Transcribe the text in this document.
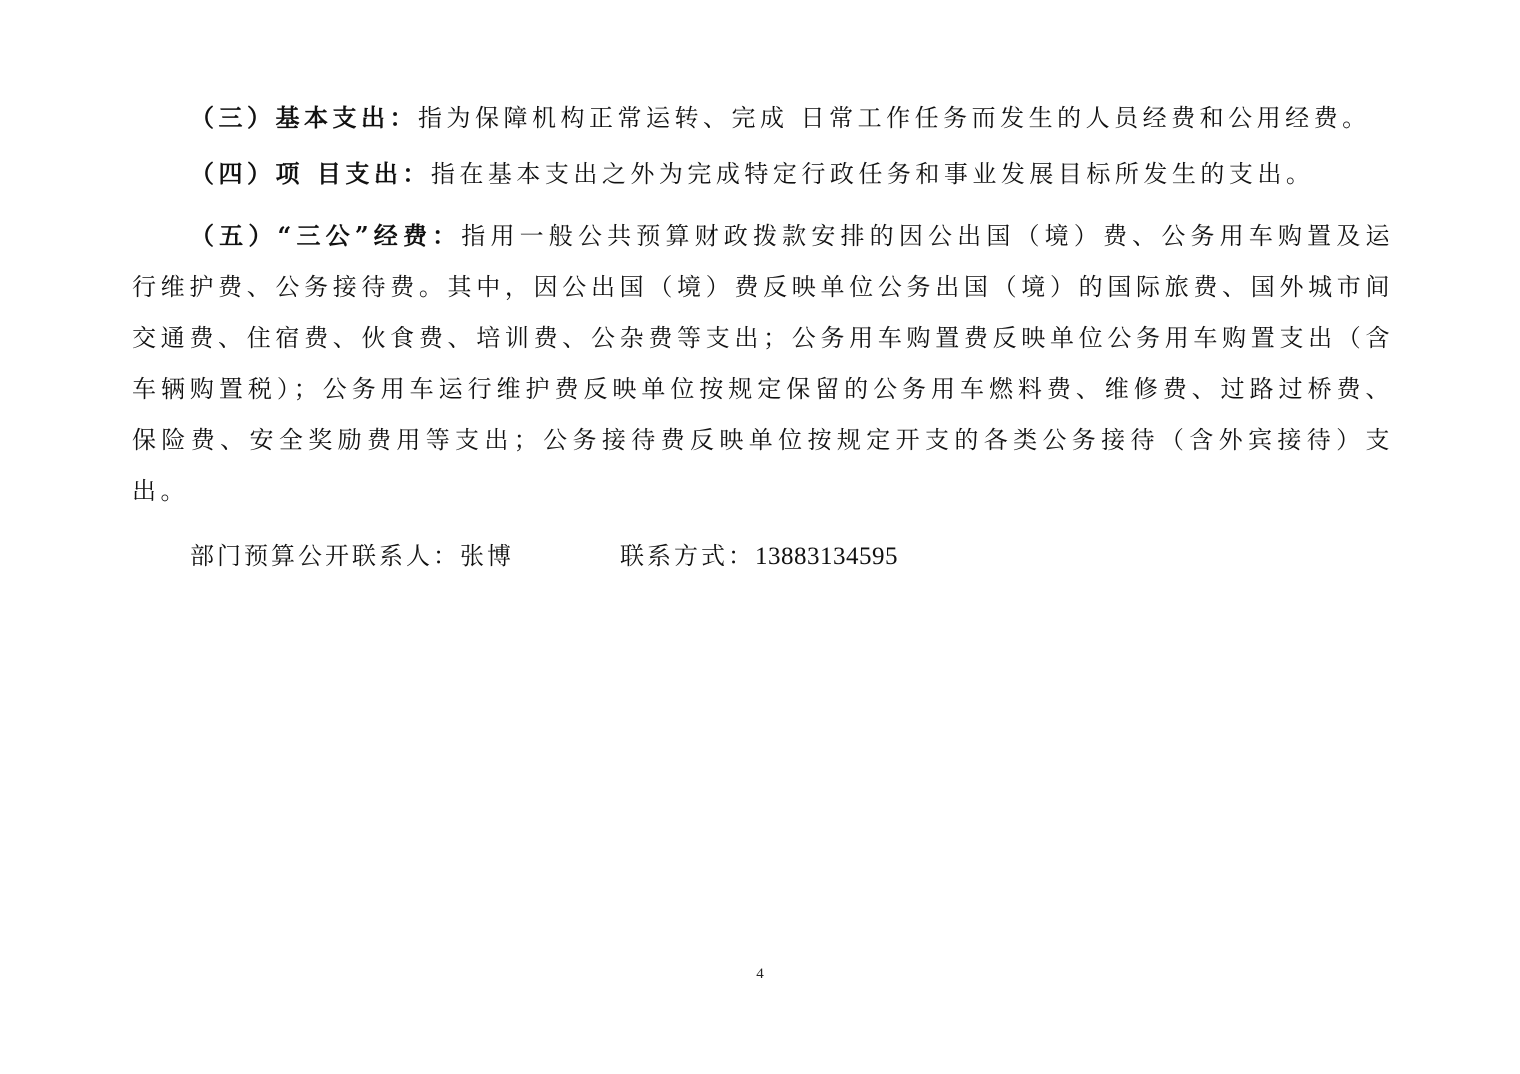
（三）基本支出：指为保障机构正常运转、完成 日常工作任务而发生的人员经费和公用经费。

（四）项 目支出：指在基本支出之外为完成特定行政任务和事业发展目标所发生的支出。

（五）“三公”经费：指用一般公共预算财政拨款安排的因公出国（境）费、公务用车购置及运行维护费、公务接待费。其中，因公出国（境）费反映单位公务出国（境）的国际旅费、国外城市间交通费、住宿费、伙食费、培训费、公杂费等支出；公务用车购置费反映单位公务用车购置支出（含车辆购置税）；公务用车运行维护费反映单位按规定保留的公务用车燃料费、维修费、过路过桥费、保险费、安全奖励费用等支出；公务接待费反映单位按规定开支的各类公务接待（含外宾接待）支出。

部门预算公开联系人：张博	联系方式：13883134595
4
